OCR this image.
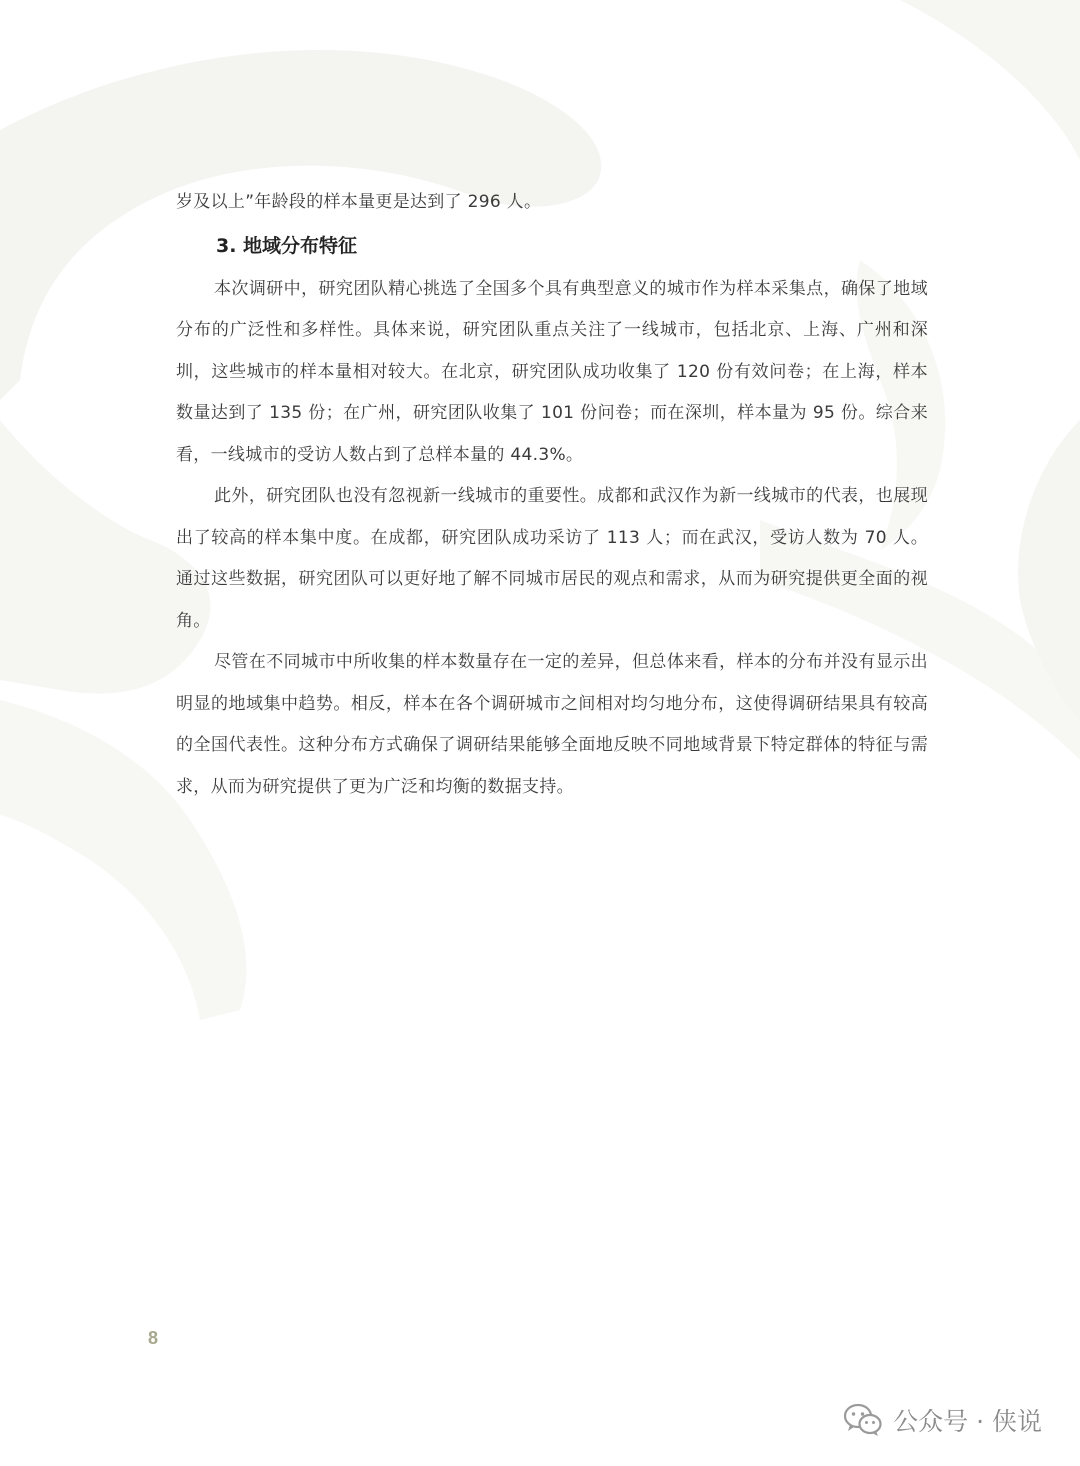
岁及以上”年龄段的样本量更是达到了 296 人。

3. 地域分布特征

本次调研中，研究团队精心挑选了全国多个具有典型意义的城市作为样本采集点，确保了地域分布的广泛性和多样性。具体来说，研究团队重点关注了一线城市，包括北京、上海、广州和深圳，这些城市的样本量相对较大。在北京，研究团队成功收集了 120 份有效问卷；在上海，样本数量达到了 135 份；在广州，研究团队收集了 101 份问卷；而在深圳，样本量为 95 份。综合来看，一线城市的受访人数占到了总样本量的 44.3%。

此外，研究团队也没有忽视新一线城市的重要性。成都和武汉作为新一线城市的代表，也展现出了较高的样本集中度。在成都，研究团队成功采访了 113 人；而在武汉，受访人数为 70 人。通过这些数据，研究团队可以更好地了解不同城市居民的观点和需求，从而为研究提供更全面的视角。

尽管在不同城市中所收集的样本数量存在一定的差异，但总体来看，样本的分布并没有显示出明显的地域集中趋势。相反，样本在各个调研城市之间相对均匀地分布，这使得调研结果具有较高的全国代表性。这种分布方式确保了调研结果能够全面地反映不同地域背景下特定群体的特征与需求，从而为研究提供了更为广泛和均衡的数据支持。

8
公众号 · 侠说
